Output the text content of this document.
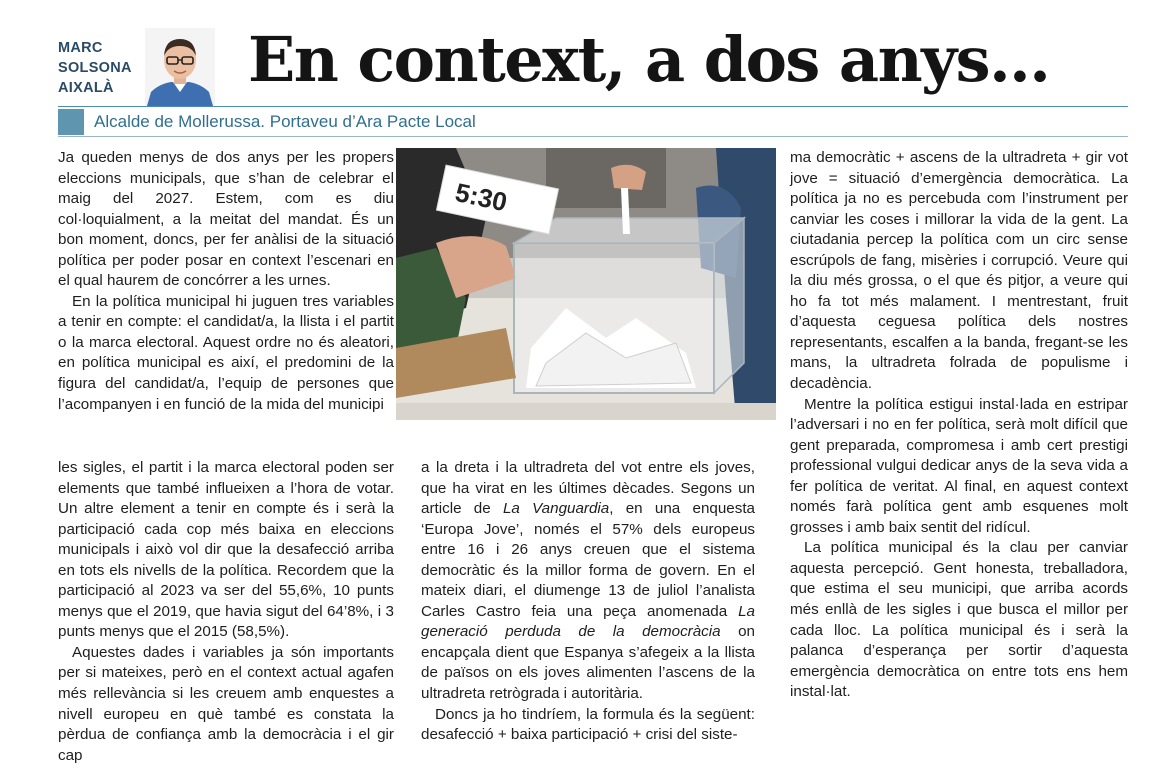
MARC
SOLSONA
AIXALÀ En context, a dos anys...
Alcalde de Mollerussa. Portaveu d’Ara Pacte Local

Ja queden menys de dos anys per les propers eleccions municipals, que s’han de celebrar el maig del 2027. Estem, com es diu col·loquialment, a la meitat del mandat. És un bon moment, doncs, per fer anàlisi de la situació política per poder posar en context l’escenari en el qual haurem de concórrer a les urnes.

En la política municipal hi juguen tres variables a tenir en compte: el candidat/a, la llista i el partit o la marca electoral. Aquest ordre no és aleatori, en política municipal es així, el predomini de la figura del candidat/a, l’equip de persones que l’acompanyen i en funció de la mida del municipi

5:30

les sigles, el partit i la marca electoral poden ser elements que també influeixen a l’hora de votar. Un altre element a tenir en compte és i serà la participació cada cop més baixa en eleccions municipals i això vol dir que la desafecció arriba en tots els nivells de la política. Recordem que la participació al 2023 va ser del 55,6%, 10 punts menys que el 2019, que havia sigut del 64’8%, i 3 punts menys que el 2015 (58,5%).

Aquestes dades i variables ja són importants per si mateixes, però en el context actual agafen més rellevància si les creuem amb enquestes a nivell europeu en què també es constata la pèrdua de confiança amb la democràcia i el gir cap

a la dreta i la ultradreta del vot entre els joves, que ha virat en les últimes dècades. Segons un article de La Vanguardia, en una enquesta ‘Europa Jove’, només el 57% dels europeus entre 16 i 26 anys creuen que el sistema democràtic és la millor forma de govern. En el mateix diari, el diumenge 13 de juliol l’analista Carles Castro feia una peça anomenada La generació perduda de la democràcia on encapçala dient que Espanya s’afegeix a la llista de països on els joves alimenten l’ascens de la ultradreta retrògrada i autoritària.

Doncs ja ho tindríem, la formula és la següent: desafecció + baixa participació + crisi del siste-

ma democràtic + ascens de la ultradreta + gir vot jove = situació d’emergència democràtica. La política ja no es percebuda com l’instrument per canviar les coses i millorar la vida de la gent. La ciutadania percep la política com un circ sense escrúpols de fang, misèries i corrupció. Veure qui la diu més grossa, o el que és pitjor, a veure qui ho fa tot més malament. I mentrestant, fruit d’aquesta ceguesa política dels nostres representants, escalfen a la banda, fregant-se les mans, la ultradreta folrada de populisme i decadència.

Mentre la política estigui instal·lada en estripar l’adversari i no en fer política, serà molt difícil que gent preparada, compromesa i amb cert prestigi professional vulgui dedicar anys de la seva vida a fer política de veritat. Al final, en aquest context només farà política gent amb esquenes molt grosses i amb baix sentit del ridícul.

La política municipal és la clau per canviar aquesta percepció. Gent honesta, treballadora, que estima el seu municipi, que arriba acords més enllà de les sigles i que busca el millor per cada lloc. La política municipal és i serà la palanca d’esperança per sortir d’aquesta emergència democràtica on entre tots ens hem instal·lat.
